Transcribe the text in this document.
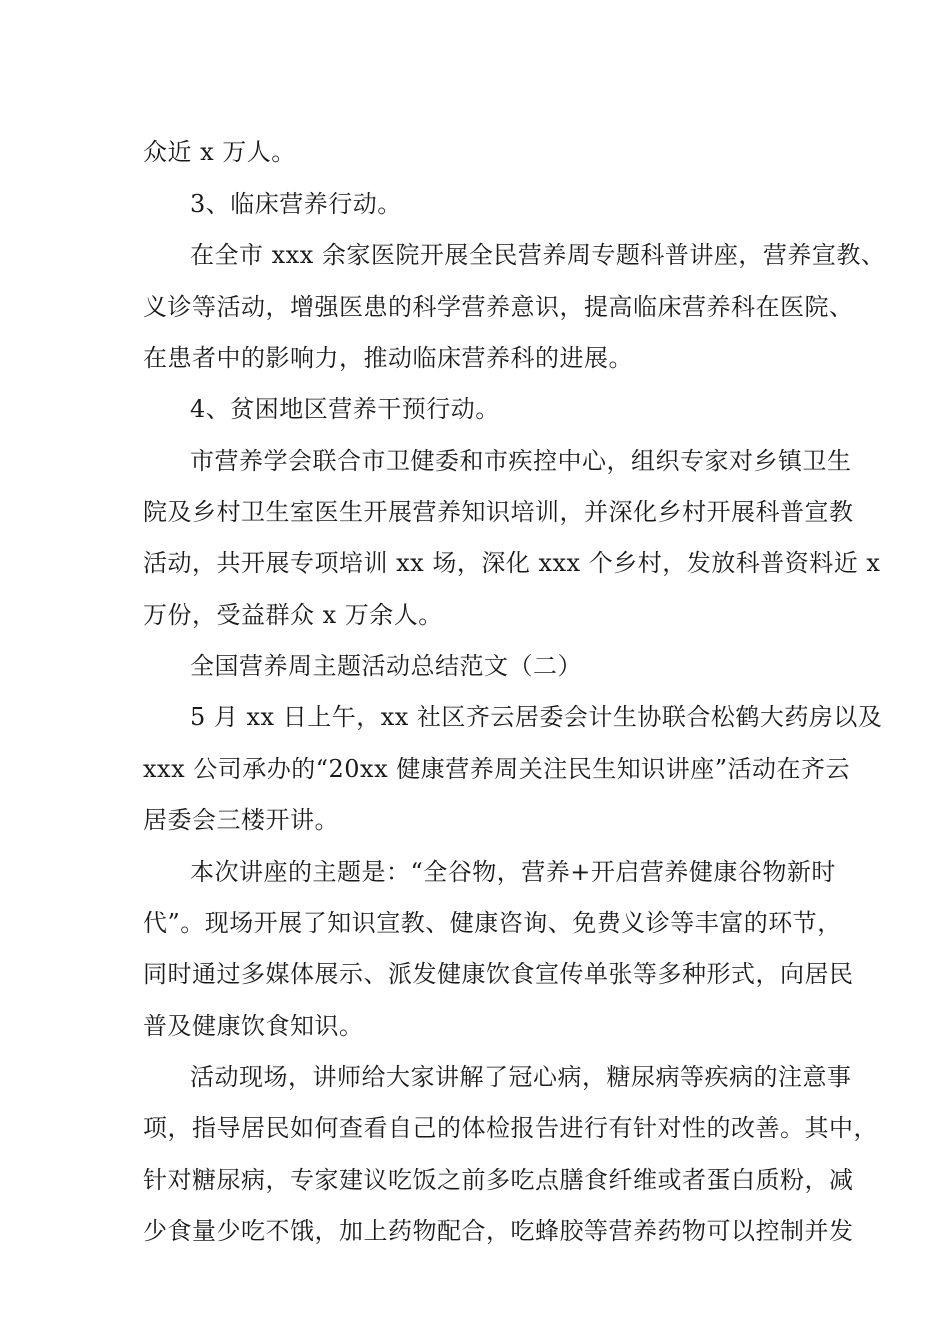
众近 x 万人。
3、临床营养行动。
在全市 xxx 余家医院开展全民营养周专题科普讲座，营养宣教、
义诊等活动，增强医患的科学营养意识，提高临床营养科在医院、
在患者中的影响力，推动临床营养科的进展。
4、贫困地区营养干预行动。
市营养学会联合市卫健委和市疾控中心，组织专家对乡镇卫生
院及乡村卫生室医生开展营养知识培训，并深化乡村开展科普宣教
活动，共开展专项培训 xx 场，深化 xxx 个乡村，发放科普资料近 x
万份，受益群众 x 万余人。
全国营养周主题活动总结范文（二）
5 月 xx 日上午，xx 社区齐云居委会计生协联合松鹤大药房以及
xxx 公司承办的“20xx 健康营养周关注民生知识讲座”活动在齐云
居委会三楼开讲。
本次讲座的主题是：“全谷物，营养+开启营养健康谷物新时
代”。现场开展了知识宣教、健康咨询、免费义诊等丰富的环节，
同时通过多媒体展示、派发健康饮食宣传单张等多种形式，向居民
普及健康饮食知识。
活动现场，讲师给大家讲解了冠心病，糖尿病等疾病的注意事
项，指导居民如何查看自己的体检报告进行有针对性的改善。其中，
针对糖尿病，专家建议吃饭之前多吃点膳食纤维或者蛋白质粉，减
少食量少吃不饿，加上药物配合，吃蜂胶等营养药物可以控制并发
